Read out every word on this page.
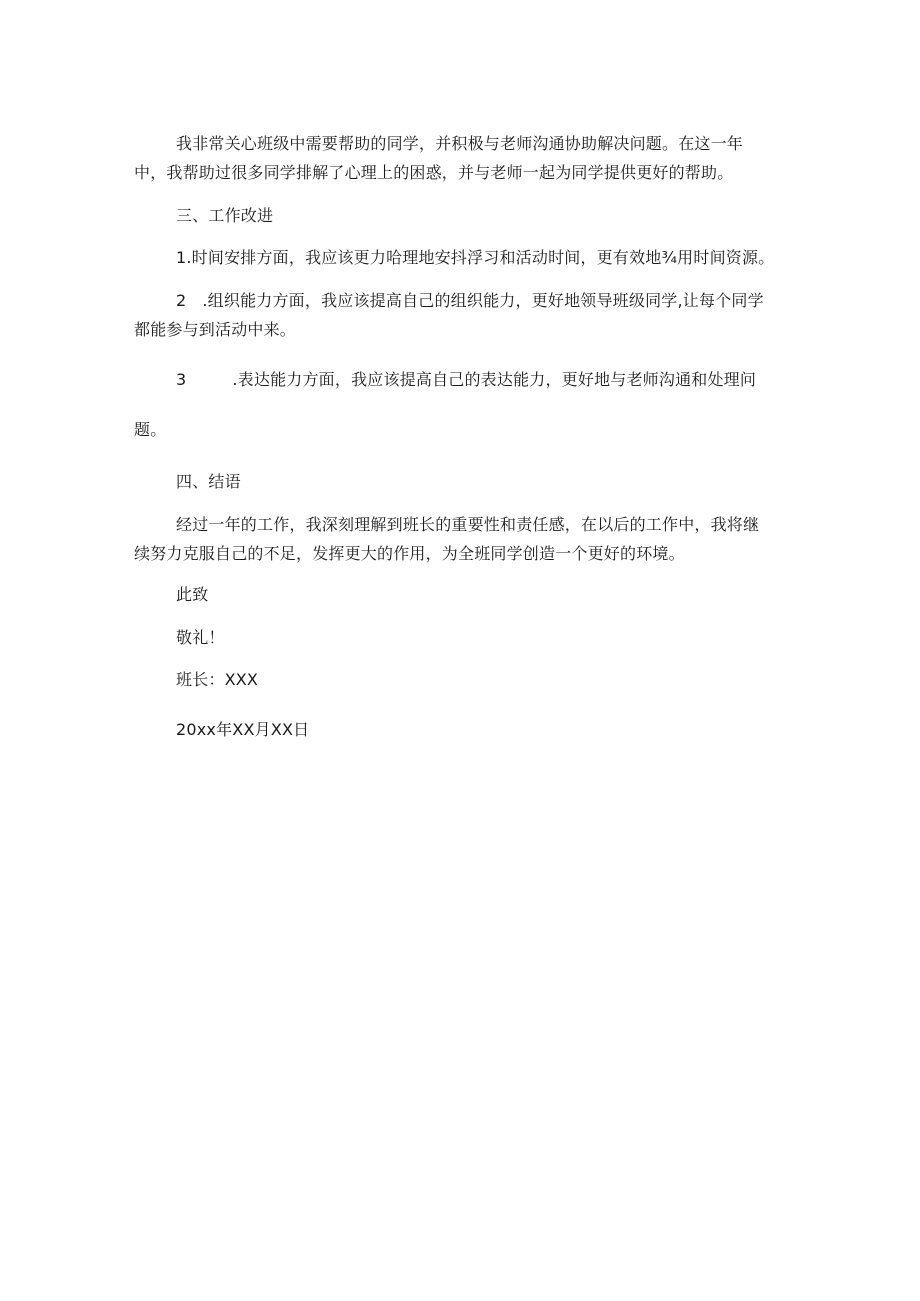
我非常关心班级中需要帮助的同学，并积极与老师沟通协助解决问题。在这一年
中，我帮助过很多同学排解了心理上的困惑，并与老师一起为同学提供更好的帮助。
三、工作改进
1.时间安排方面，我应该更力哈理地安抖浮习和活动时间，更有效地¾用时间资源。
2 .组织能力方面，我应该提高自己的组织能力，更好地领导班级同学,让每个同学
都能参与到活动中来。
3	.表达能力方面，我应该提高自己的表达能力，更好地与老师沟通和处理问
题。
四、结语
经过一年的工作，我深刻理解到班长的重要性和责任感，在以后的工作中，我将继
续努力克服自己的不足，发挥更大的作用，为全班同学创造一个更好的环境。
此致
敬礼！
班长：XXX
20xx年XX月XX日
